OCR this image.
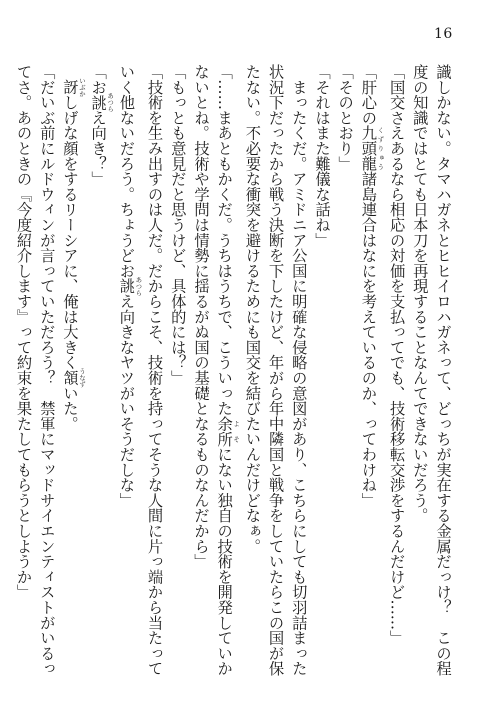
16

識しかない。タマハガネとヒヒイロハガネって、どっちが実在する金属だっけ？　この程

度の知識ではとても日本刀を再現することなんてできないだろう。

「国交さえあるなら相応の対価を支払ってでも、技術移転交渉をするんだけど……」

「肝心の九頭龍 くずりゅう諸島連合はなにを考えているのか、ってわけね」

「そのとおり」

「それはまた難儀な話ね」

　まったくだ。アミドニア公国に明確な侵略の意図があり、こちらにしても切羽詰まった

状況下だったから戦う決断を下したけど、年がら年中隣国と戦争をしていたらこの国が保

たない。不必要な衝突を避けるためにも国交を結びたいんだけどなぁ。

「……まあともかくだ。うちはうちで、こういった余所 よそにない独自の技術を開発していか

ないとね。技術や学問は情勢に揺るがぬ国の基礎となるものなんだから」

「もっとも意見だと思うけど、具体的には？」

「技術を生み出すのは人だ。だからこそ、技術を持ってそうな人間に片っ端から当たって

いく他ないだろう。ちょうどお誂 あつらえ向きなヤツがいそうだしな」

「お誂 あつらえ向き？」

　訝 いぶかしげな顔をするリーシアに、俺は大きく頷 うなずいた。

「だいぶ前にルドウィンが言っていただろう？　禁軍にマッドサイエンティストがいるっ

てさ。あのときの『今度紹介します』って約束を果たしてもらうとしようか」
